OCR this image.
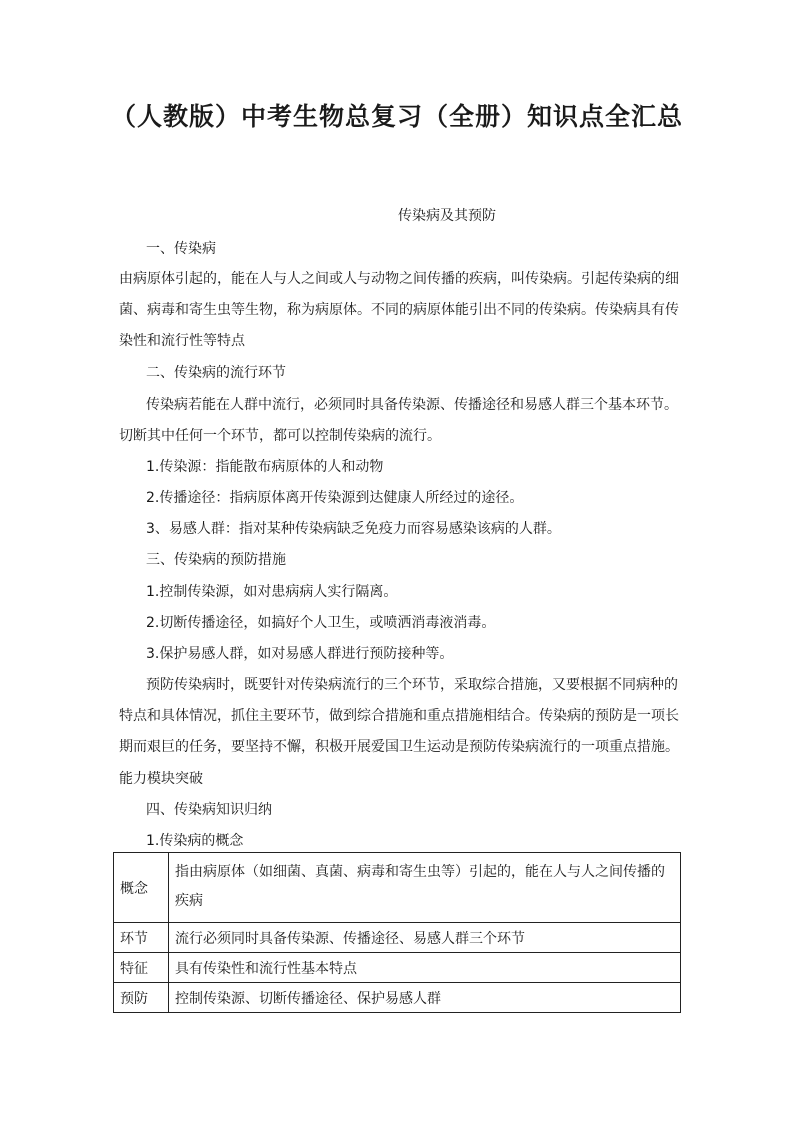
（人教版）中考生物总复习（全册）知识点全汇总

传染病及其预防

一、传染病

由病原体引起的，能在人与人之间或人与动物之间传播的疾病，叫传染病。引起传染病的细

菌、病毒和寄生虫等生物，称为病原体。不同的病原体能引出不同的传染病。传染病具有传

染性和流行性等特点

二、传染病的流行环节

传染病若能在人群中流行，必须同时具备传染源、传播途径和易感人群三个基本环节。

切断其中任何一个环节，都可以控制传染病的流行。

1.传染源：指能散布病原体的人和动物

2.传播途径：指病原体离开传染源到达健康人所经过的途径。

3、易感人群：指对某种传染病缺乏免疫力而容易感染该病的人群。

三、传染病的预防措施

1.控制传染源，如对患病病人实行隔离。

2.切断传播途径，如搞好个人卫生，或喷洒消毒液消毒。

3.保护易感人群，如对易感人群进行预防接种等。

预防传染病时，既要针对传染病流行的三个环节，采取综合措施，又要根据不同病种的

特点和具体情况，抓住主要环节，做到综合措施和重点措施相结合。传染病的预防是一项长

期而艰巨的任务，要坚持不懈，积极开展爱国卫生运动是预防传染病流行的一项重点措施。

能力模块突破

四、传染病知识归纳

1.传染病的概念

概念	指由病原体（如细菌、真菌、病毒和寄生虫等）引起的，能在人与人之间传播的疾病
环节	流行必须同时具备传染源、传播途径、易感人群三个环节
特征	具有传染性和流行性基本特点
预防	控制传染源、切断传播途径、保护易感人群
